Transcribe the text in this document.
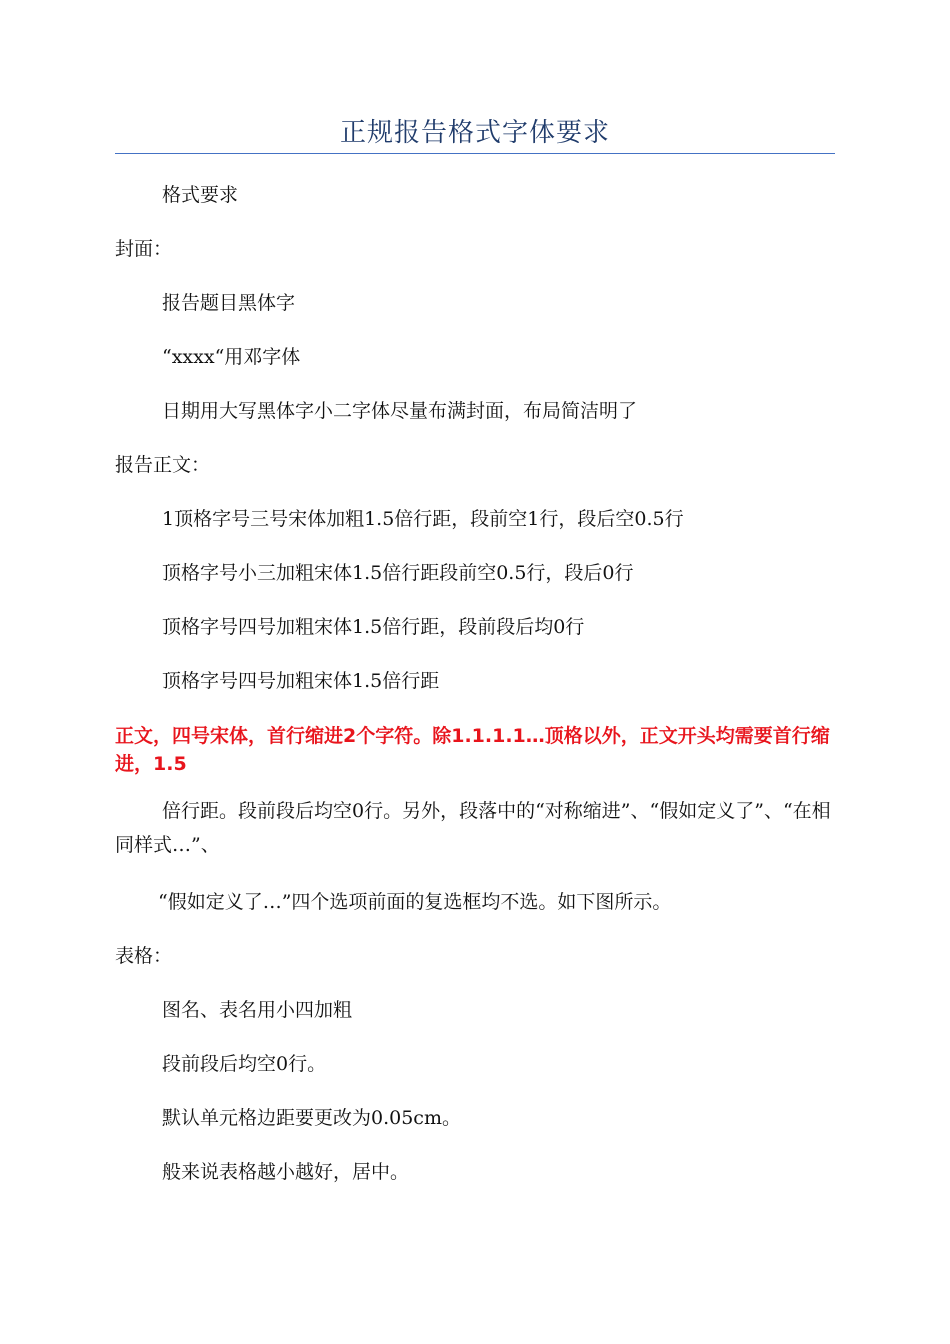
正规报告格式字体要求
格式要求
封面：
报告题目黑体字
“xxxx“用邓字体
日期用大写黑体字小二字体尽量布满封面，布局简洁明了
报告正文：
1顶格字号三号宋体加粗1.5倍行距，段前空1行，段后空0.5行
顶格字号小三加粗宋体1.5倍行距段前空0.5行，段后0行
顶格字号四号加粗宋体1.5倍行距，段前段后均0行
顶格字号四号加粗宋体1.5倍行距
正文，四号宋体，首行缩进2个字符。除1.1.1.1…顶格以外，正文开头均需要首行缩进，1.5
倍行距。段前段后均空0行。另外，段落中的“对称缩进”、“假如定义了”、“在相同样式…”、
“假如定义了…”四个选项前面的复选框均不选。如下图所示。
表格：
图名、表名用小四加粗
段前段后均空0行。
默认单元格边距要更改为0.05cm。
般来说表格越小越好，居中。
